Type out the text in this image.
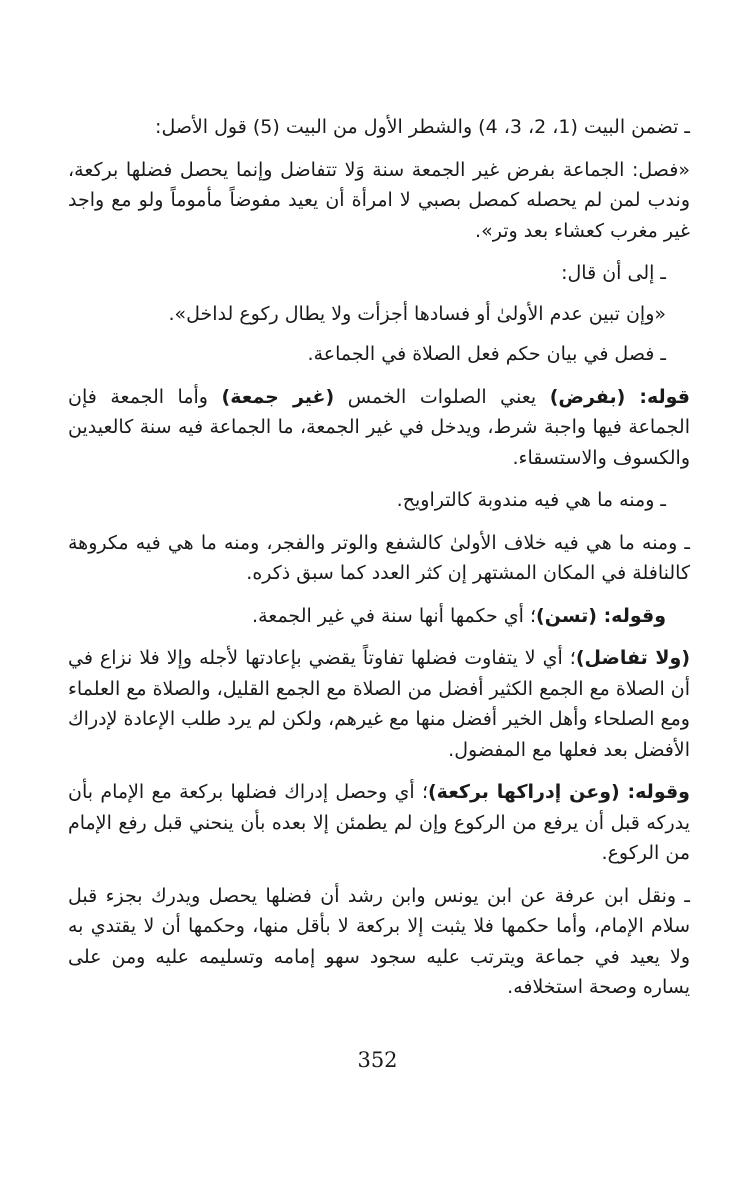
ـ تضمن البيت (1، 2، 3، 4) والشطر الأول من البيت (5) قول الأصل:

«فصل: الجماعة بفرض غير الجمعة سنة وَلا تتفاضل وإنما يحصل فضلها بركعة، وندب لمن لم يحصله كمصل بصبي لا امرأة أن يعيد مفوضاً مأموماً ولو مع واجد غير مغرب كعشاء بعد وتر».

ـ إلى أن قال:

«وإن تبين عدم الأولىٰ أو فسادها أجزأت ولا يطال ركوع لداخل».

ـ فصل في بيان حكم فعل الصلاة في الجماعة.

قوله: (بفرض) يعني الصلوات الخمس (غير جمعة) وأما الجمعة فإن الجماعة فيها واجبة شرط، ويدخل في غير الجمعة، ما الجماعة فيه سنة كالعيدين والكسوف والاستسقاء.

ـ ومنه ما هي فيه مندوبة كالتراويح.

ـ ومنه ما هي فيه خلاف الأولىٰ كالشفع والوتر والفجر، ومنه ما هي فيه مكروهة كالنافلة في المكان المشتهر إن كثر العدد كما سبق ذكره.

وقوله: (تسن)؛ أي حكمها أنها سنة في غير الجمعة.

(ولا تفاضل)؛ أي لا يتفاوت فضلها تفاوتاً يقضي بإعادتها لأجله وإلا فلا نزاع في أن الصلاة مع الجمع الكثير أفضل من الصلاة مع الجمع القليل، والصلاة مع العلماء ومع الصلحاء وأهل الخير أفضل منها مع غيرهم، ولكن لم يرد طلب الإعادة لإدراك الأفضل بعد فعلها مع المفضول.

وقوله: (وعن إدراكها بركعة)؛ أي وحصل إدراك فضلها بركعة مع الإمام بأن يدركه قبل أن يرفع من الركوع وإن لم يطمئن إلا بعده بأن ينحني قبل رفع الإمام من الركوع.

ـ ونقل ابن عرفة عن ابن يونس وابن رشد أن فضلها يحصل ويدرك بجزء قبل سلام الإمام، وأما حكمها فلا يثبت إلا بركعة لا بأقل منها، وحكمها أن لا يقتدي به ولا يعيد في جماعة ويترتب عليه سجود سهو إمامه وتسليمه عليه ومن على يساره وصحة استخلافه.

352
